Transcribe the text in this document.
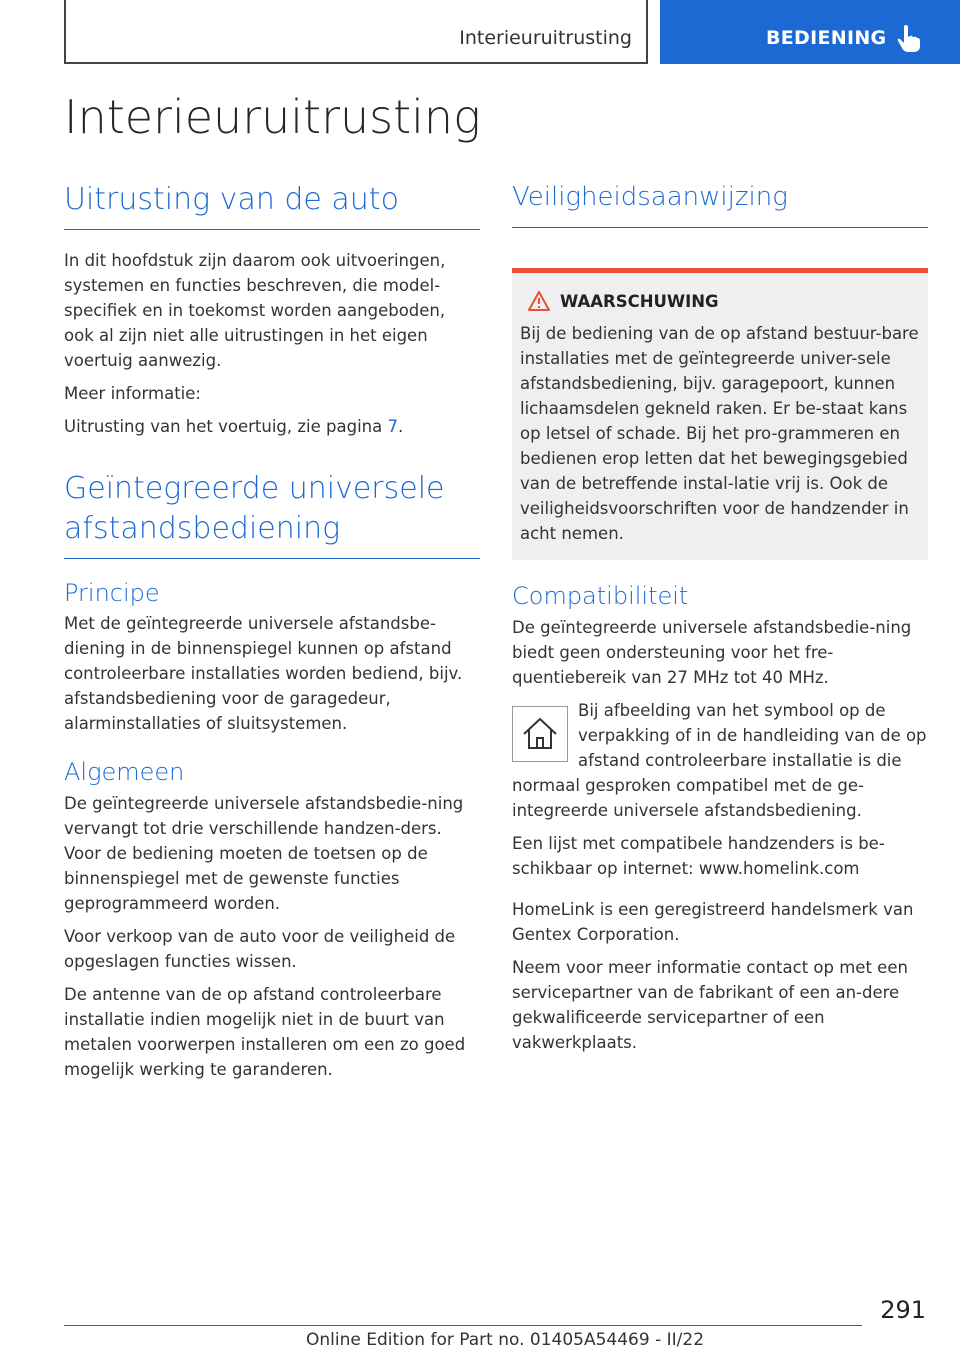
Interieuruitrusting	BEDIENING
Interieuruitrusting
Uitrusting van de auto

In dit hoofdstuk zijn daarom ook uitvoeringen, systemen en functies beschreven, die model-specifiek en in toekomst worden aangeboden, ook al zijn niet alle uitrustingen in het eigen voertuig aanwezig.

Meer informatie:

Uitrusting van het voertuig, zie pagina 7.

Geïntegreerde universele afstandsbediening
Principe

Met de geïntegreerde universele afstandsbe-diening in de binnenspiegel kunnen op afstand controleerbare installaties worden bediend, bijv. afstandsbediening voor de garagedeur, alarminstallaties of sluitsystemen.

Algemeen

De geïntegreerde universele afstandsbedie-ning vervangt tot drie verschillende handzen-ders. Voor de bediening moeten de toetsen op de binnenspiegel met de gewenste functies geprogrammeerd worden.

Voor verkoop van de auto voor de veiligheid de opgeslagen functies wissen.

De antenne van de op afstand controleerbare installatie indien mogelijk niet in de buurt van metalen voorwerpen installeren om een zo goed mogelijk werking te garanderen.

Veiligheidsaanwijzing
WAARSCHUWING

Bij de bediening van de op afstand bestuur-bare installaties met de geïntegreerde univer-sele afstandsbediening, bijv. garagepoort, kunnen lichaamsdelen gekneld raken. Er be-staat kans op letsel of schade. Bij het pro-grammeren en bedienen erop letten dat het bewegingsgebied van de betreffende instal-latie vrij is. Ook de veiligheidsvoorschriften voor de handzender in acht nemen.

Compatibiliteit

De geïntegreerde universele afstandsbedie-ning biedt geen ondersteuning voor het fre-quentiebereik van 27 MHz tot 40 MHz.

Bij afbeelding van het symbool op de verpakking of in de handleiding van de op afstand controleerbare installatie is die normaal gesproken compatibel met de ge-integreerde universele afstandsbediening.

Een lijst met compatibele handzenders is be-schikbaar op internet: www.homelink.com

HomeLink is een geregistreerd handelsmerk van Gentex Corporation.

Neem voor meer informatie contact op met een servicepartner van de fabrikant of een an-dere gekwalificeerde servicepartner of een vakwerkplaats.

291
Online Edition for Part no. 01405A54469 - II/22
